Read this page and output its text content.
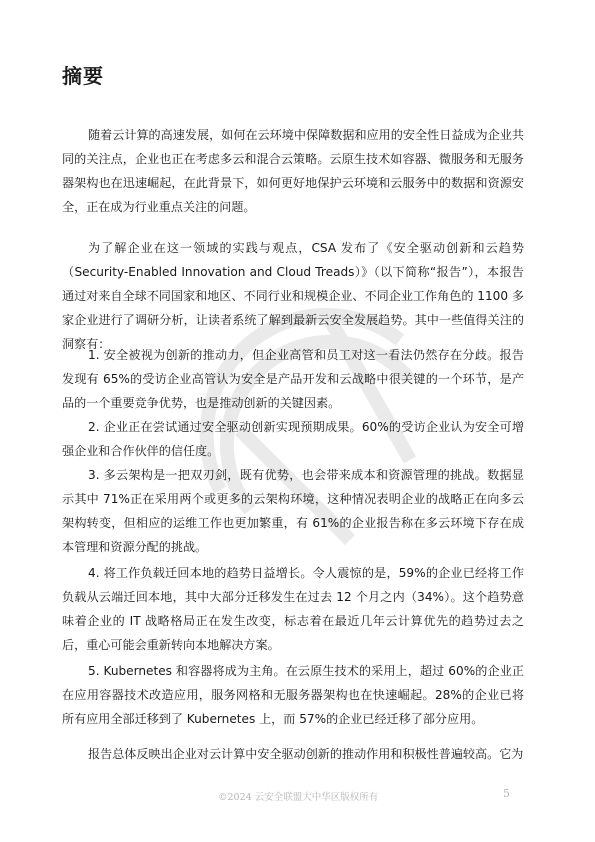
摘要

随着云计算的高速发展，如何在云环境中保障数据和应用的安全性日益成为企业共同的关注点，企业也正在考虑多云和混合云策略。云原生技术如容器、微服务和无服务器架构也在迅速崛起，在此背景下，如何更好地保护云环境和云服务中的数据和资源安全，正在成为行业重点关注的问题。

为了解企业在这一领域的实践与观点，CSA 发布了《安全驱动创新和云趋势（Security-Enabled Innovation and Cloud Treads）》（以下简称“报告”），本报告通过对来自全球不同国家和地区、不同行业和规模企业、不同企业工作角色的 1100 多家企业进行了调研分析，让读者系统了解到最新云安全发展趋势。其中一些值得关注的洞察有：

1. 安全被视为创新的推动力，但企业高管和员工对这一看法仍然存在分歧。报告发现有 65%的受访企业高管认为安全是产品开发和云战略中很关键的一个环节，是产品的一个重要竞争优势，也是推动创新的关键因素。

2. 企业正在尝试通过安全驱动创新实现预期成果。60%的受访企业认为安全可增强企业和合作伙伴的信任度。

3. 多云架构是一把双刃剑，既有优势，也会带来成本和资源管理的挑战。数据显示其中 71%正在采用两个或更多的云架构环境，这种情况表明企业的战略正在向多云架构转变，但相应的运维工作也更加繁重，有 61%的企业报告称在多云环境下存在成本管理和资源分配的挑战。

4. 将工作负载迁回本地的趋势日益增长。令人震惊的是，59%的企业已经将工作负载从云端迁回本地，其中大部分迁移发生在过去 12 个月之内（34%）。这个趋势意味着企业的 IT 战略格局正在发生改变，标志着在最近几年云计算优先的趋势过去之后，重心可能会重新转向本地解决方案。

5. Kubernetes 和容器将成为主角。在云原生技术的采用上，超过 60%的企业正在应用容器技术改造应用，服务网格和无服务器架构也在快速崛起。28%的企业已将所有应用全部迁移到了 Kubernetes 上，而 57%的企业已经迁移了部分应用。

报告总体反映出企业对云计算中安全驱动创新的推动作用和积极性普遍较高。它为

©2024 云安全联盟大中华区版权所有	5
